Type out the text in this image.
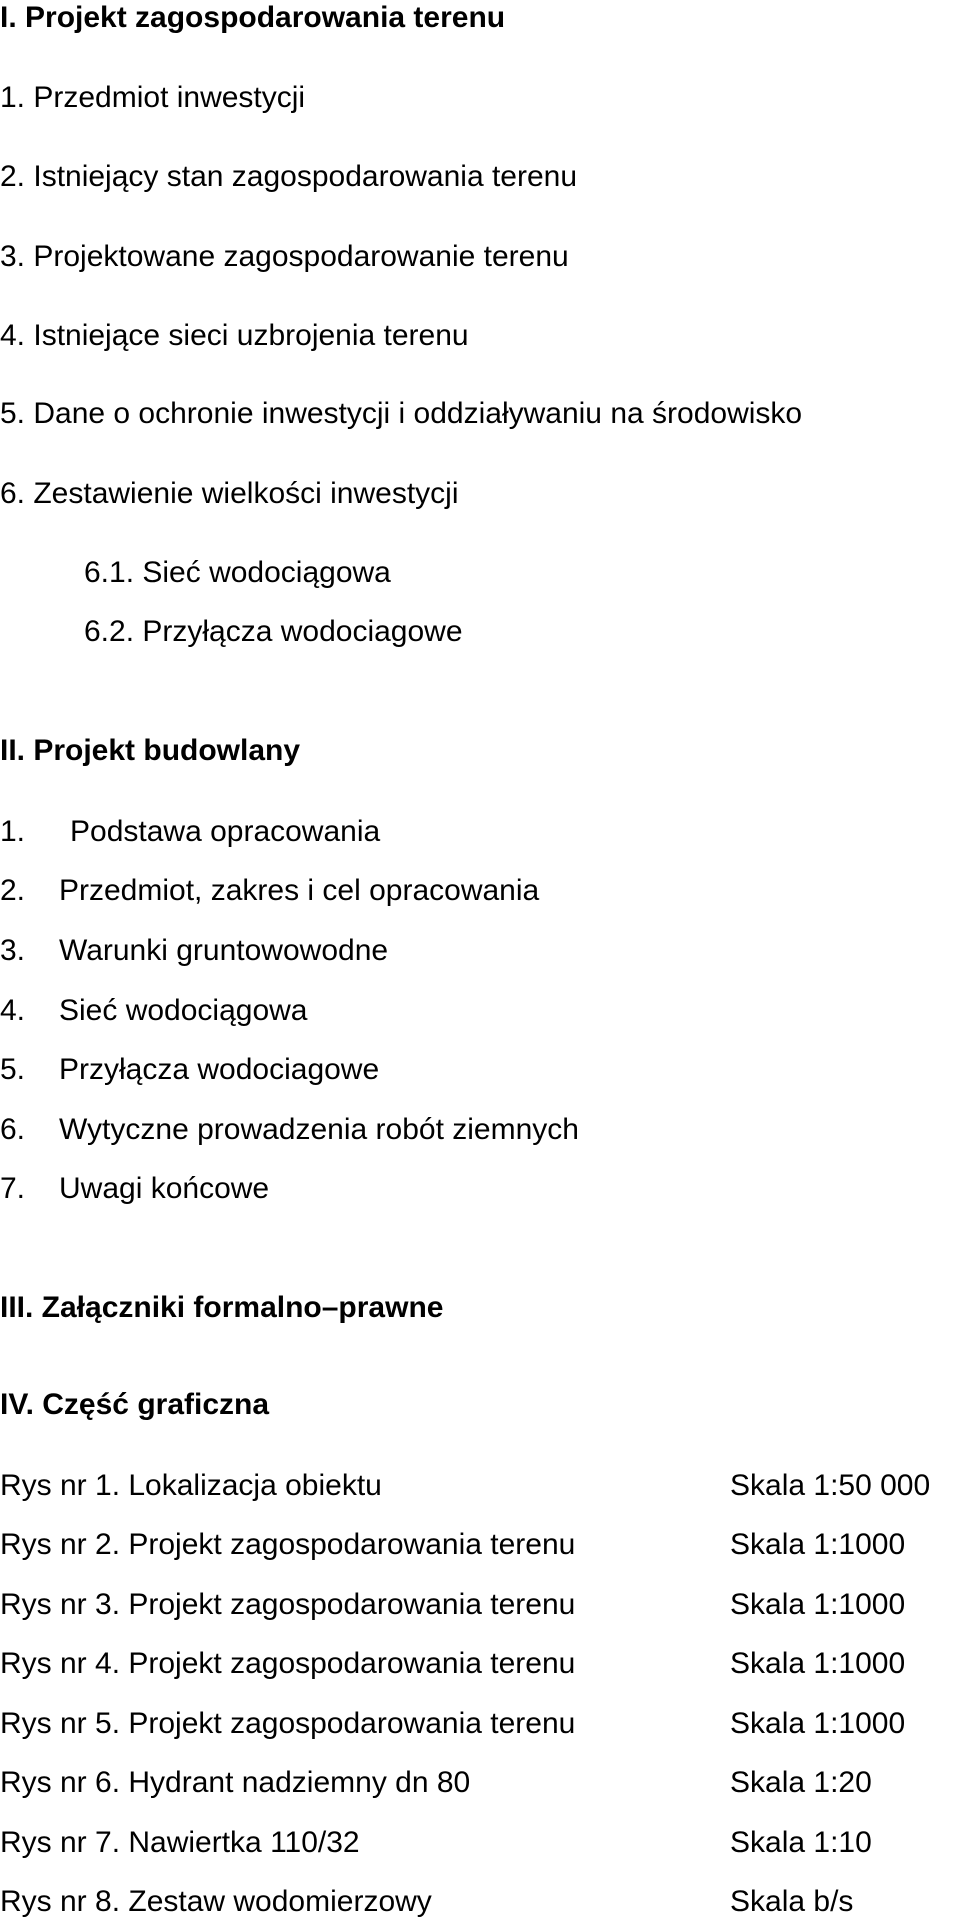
I. Projekt zagospodarowania terenu
1. Przedmiot inwestycji
2. Istniejący stan zagospodarowania terenu
3. Projektowane zagospodarowanie terenu
4. Istniejące sieci uzbrojenia terenu
5. Dane o ochronie inwestycji i oddziaływaniu na środowisko
6. Zestawienie wielkości inwestycji
6.1. Sieć wodociągowa
6.2. Przyłącza wodociagowe
II. Projekt budowlany
1. Podstawa opracowania
2. Przedmiot, zakres i cel opracowania
3. Warunki gruntowowodne
4. Sieć wodociągowa
5. Przyłącza wodociagowe
6. Wytyczne prowadzenia robót ziemnych
7. Uwagi końcowe
III. Załączniki formalno–prawne
IV. Część graficzna
Rys nr 1. Lokalizacja obiektu	Skala 1:50 000
Rys nr 2. Projekt zagospodarowania terenu	Skala 1:1000
Rys nr 3. Projekt zagospodarowania terenu	Skala 1:1000
Rys nr 4. Projekt zagospodarowania terenu	Skala 1:1000
Rys nr 5. Projekt zagospodarowania terenu	Skala 1:1000
Rys nr 6. Hydrant nadziemny dn 80	Skala 1:20
Rys nr 7. Nawiertka 110/32	Skala 1:10
Rys nr 8. Zestaw wodomierzowy	Skala b/s
